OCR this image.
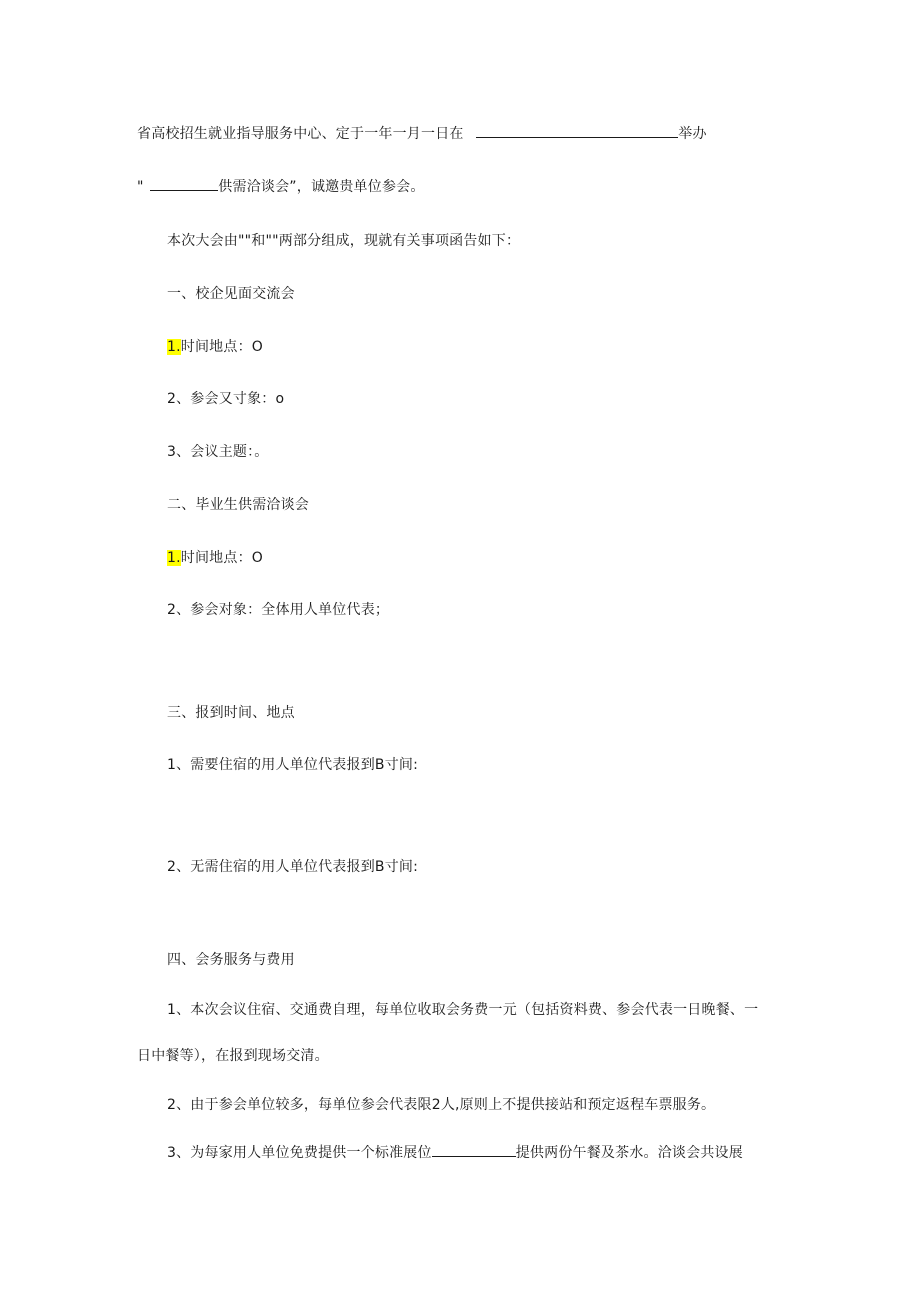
省高校招生就业指导服务中心、定于一年一月一日在	举办
"	供需洽谈会”，诚邀贵单位参会。
本次大会由""和""两部分组成，现就有关事项函告如下：
一、校企见面交流会
1.时间地点：O
2、参会又寸象：o
3、会议主题：。
二、毕业生供需洽谈会
1.时间地点：O
2、参会对象：全体用人单位代表；
三、报到时间、地点
1、需要住宿的用人单位代表报到B寸间:
2、无需住宿的用人单位代表报到B寸间:
四、会务服务与费用
1、本次会议住宿、交通费自理，每单位收取会务费一元（包括资料费、参会代表一日晚餐、一
日中餐等），在报到现场交清。
2、由于参会单位较多，每单位参会代表限2人,原则上不提供接站和预定返程车票服务。
3、为每家用人单位免费提供一个标准展位	提供两份午餐及茶水。洽谈会共设展
